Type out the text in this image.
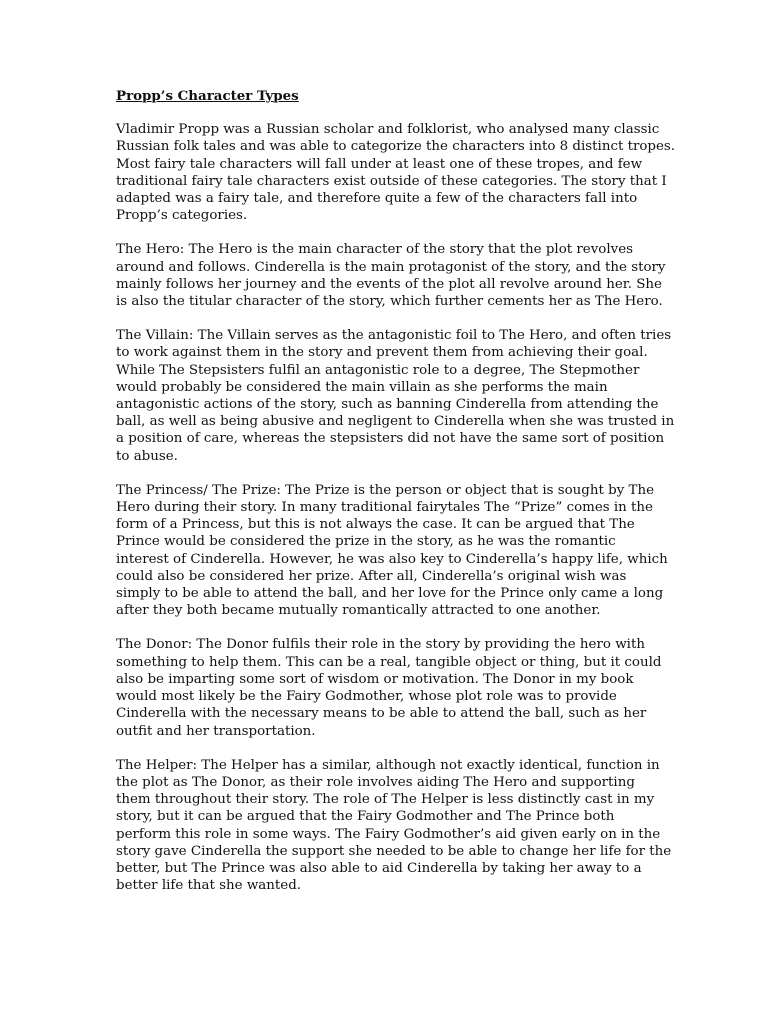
Propp’s Character Types
Vladimir Propp was a Russian scholar and folklorist, who analysed many classic
Russian folk tales and was able to categorize the characters into 8 distinct tropes.
Most fairy tale characters will fall under at least one of these tropes, and few
traditional fairy tale characters exist outside of these categories. The story that I
adapted was a fairy tale, and therefore quite a few of the characters fall into
Propp’s categories.
The Hero: The Hero is the main character of the story that the plot revolves
around and follows. Cinderella is the main protagonist of the story, and the story
mainly follows her journey and the events of the plot all revolve around her. She
is also the titular character of the story, which further cements her as The Hero.
The Villain: The Villain serves as the antagonistic foil to The Hero, and often tries
to work against them in the story and prevent them from achieving their goal.
While The Stepsisters fulfil an antagonistic role to a degree, The Stepmother
would probably be considered the main villain as she performs the main
antagonistic actions of the story, such as banning Cinderella from attending the
ball, as well as being abusive and negligent to Cinderella when she was trusted in
a position of care, whereas the stepsisters did not have the same sort of position
to abuse.
The Princess/ The Prize: The Prize is the person or object that is sought by The
Hero during their story. In many traditional fairytales The “Prize” comes in the
form of a Princess, but this is not always the case. It can be argued that The
Prince would be considered the prize in the story, as he was the romantic
interest of Cinderella. However, he was also key to Cinderella’s happy life, which
could also be considered her prize. After all, Cinderella’s original wish was
simply to be able to attend the ball, and her love for the Prince only came a long
after they both became mutually romantically attracted to one another.
The Donor: The Donor fulfils their role in the story by providing the hero with
something to help them. This can be a real, tangible object or thing, but it could
also be imparting some sort of wisdom or motivation. The Donor in my book
would most likely be the Fairy Godmother, whose plot role was to provide
Cinderella with the necessary means to be able to attend the ball, such as her
outfit and her transportation.
The Helper: The Helper has a similar, although not exactly identical, function in
the plot as The Donor, as their role involves aiding The Hero and supporting
them throughout their story. The role of The Helper is less distinctly cast in my
story, but it can be argued that the Fairy Godmother and The Prince both
perform this role in some ways. The Fairy Godmother’s aid given early on in the
story gave Cinderella the support she needed to be able to change her life for the
better, but The Prince was also able to aid Cinderella by taking her away to a
better life that she wanted.
